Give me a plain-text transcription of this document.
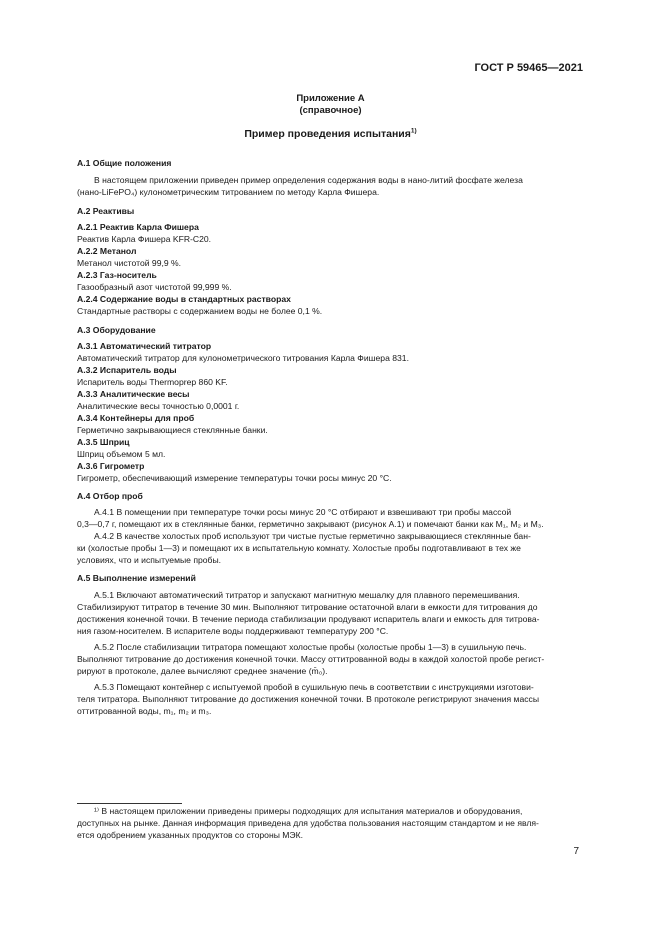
ГОСТ Р 59465—2021
Приложение А
(справочное)
Пример проведения испытания$^{1)}$
А.1 Общие положения
В настоящем приложении приведен пример определения содержания воды в нано-литий фосфате железа
(нано-LiFePO₄) кулонометрическим титрованием по методу Карла Фишера.
А.2 Реактивы
А.2.1 Реактив Карла Фишера
Реактив Карла Фишера KFR-C20.
А.2.2 Метанол
Метанол чистотой 99,9 %.
А.2.3 Газ-носитель
Газообразный азот чистотой 99,999 %.
А.2.4 Содержание воды в стандартных растворах
Стандартные растворы с содержанием воды не более 0,1 %.
А.3 Оборудование
А.3.1 Автоматический титратор
Автоматический титратор для кулонометрического титрования Карла Фишера 831.
А.3.2 Испаритель воды
Испаритель воды Thermoprep 860 KF.
А.3.3 Аналитические весы
Аналитические весы точностью 0,0001 г.
А.3.4 Контейнеры для проб
Герметично закрывающиеся стеклянные банки.
А.3.5 Шприц
Шприц объемом 5 мл.
А.3.6 Гигрометр
Гигрометр, обеспечивающий измерение температуры точки росы минус 20 °С.
А.4 Отбор проб
А.4.1 В помещении при температуре точки росы минус 20 °С отбирают и взвешивают три пробы массой
0,3—0,7 г, помещают их в стеклянные банки, герметично закрывают (рисунок А.1) и помечают банки как M₁, M₂ и M₃.
А.4.2 В качестве холостых проб используют три чистые пустые герметично закрывающиеся стеклянные бан-
ки (холостые пробы 1—3) и помещают их в испытательную комнату. Холостые пробы подготавливают в тех же
условиях, что и испытуемые пробы.
А.5 Выполнение измерений
А.5.1 Включают автоматический титратор и запускают магнитную мешалку для плавного перемешивания.
Стабилизируют титратор в течение 30 мин. Выполняют титрование остаточной влаги в емкости для титрования до
достижения конечной точки. В течение периода стабилизации продувают испаритель влаги и емкость для титрова-
ния газом-носителем. В испарителе воды поддерживают температуру 200 °С.
А.5.2 После стабилизации титратора помещают холостые пробы (холостые пробы 1—3) в сушильную печь.
Выполняют титрование до достижения конечной точки. Массу оттитрованной воды в каждой холостой пробе регист-
рируют в протоколе, далее вычисляют среднее значение (m̄₀).
А.5.3 Помещают контейнер с испытуемой пробой в сушильную печь в соответствии с инструкциями изготови-
теля титратора. Выполняют титрование до достижения конечной точки. В протоколе регистрируют значения массы
оттитрованной воды, m₁, m₂ и m₃.
¹⁾ В настоящем приложении приведены примеры подходящих для испытания материалов и оборудования,
доступных на рынке. Данная информация приведена для удобства пользования настоящим стандартом и не явля-
ется одобрением указанных продуктов со стороны МЭК.
7
